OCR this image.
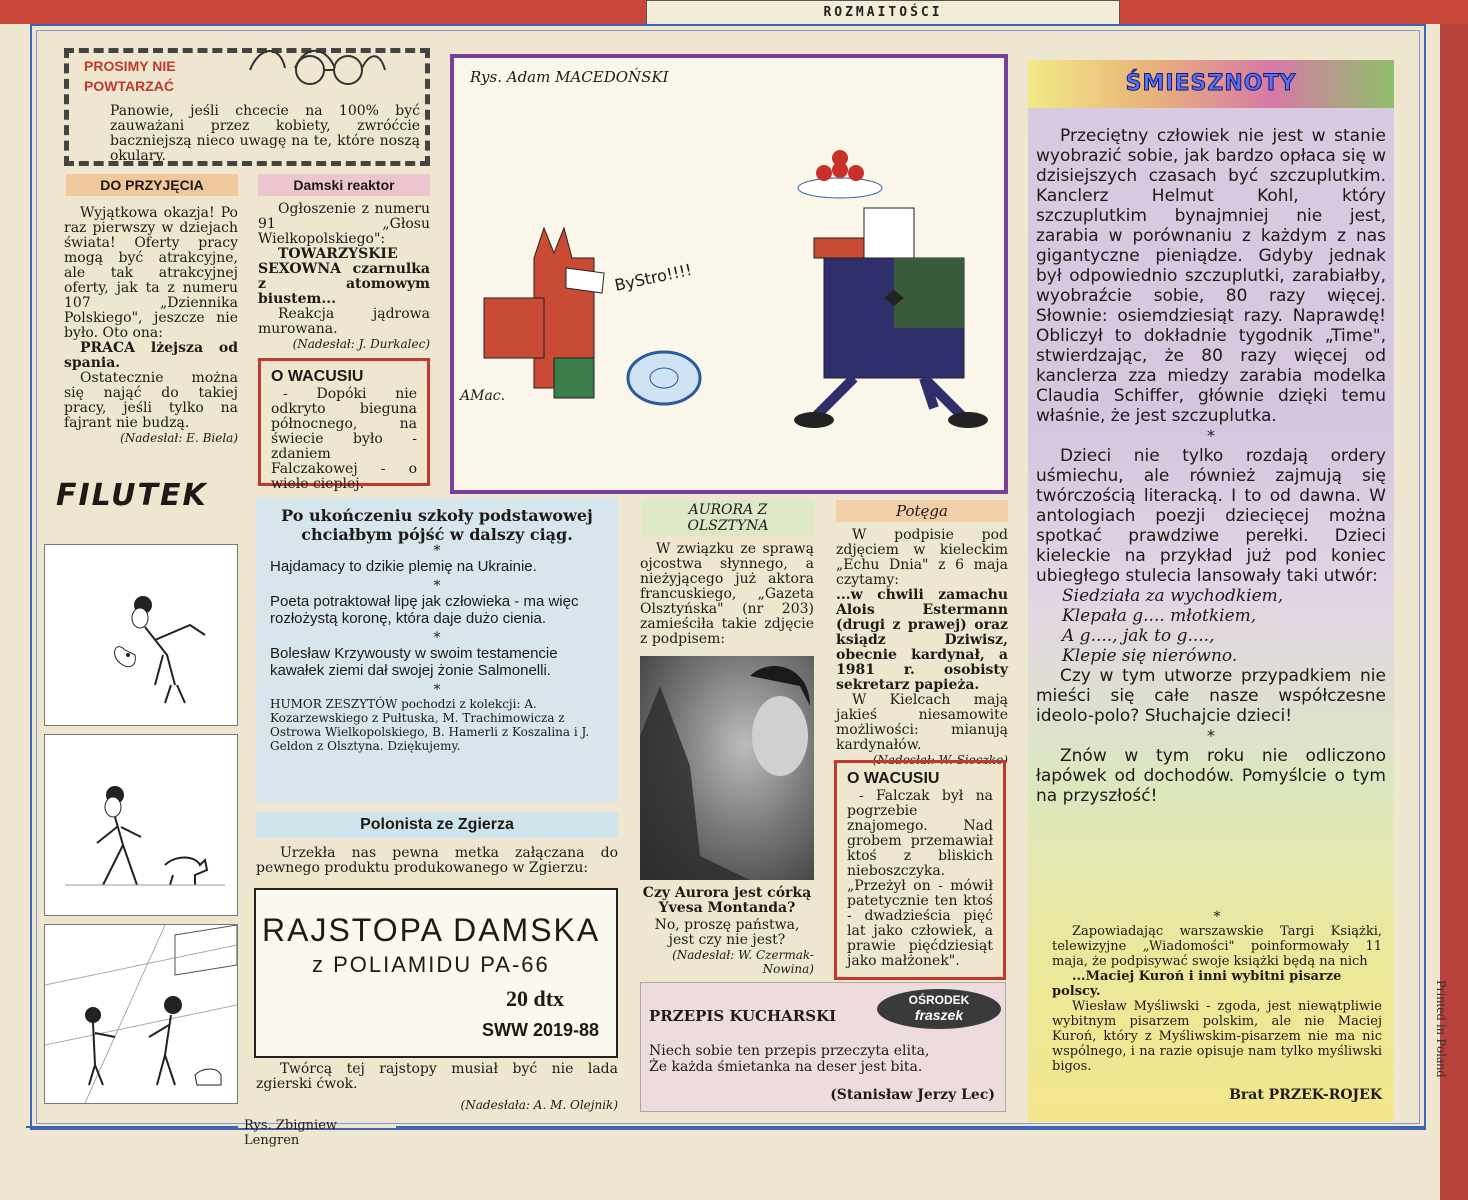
ROZMAITOŚCI
Printed in Poland
PROSIMY NIE POWTARZAĆ

Panowie, jeśli chcecie na 100% być zauważani przez kobiety, zwróćcie baczniejszą nieco uwagę na te, które noszą okulary.

DO PRZYJĘCIA

Wyjątkowa okazja! Po raz pierwszy w dziejach świata! Oferty pracy mogą być atrakcyjne, ale tak atrakcyjnej oferty, jak ta z numeru 107 „Dziennika Polskiego", jeszcze nie było. Oto ona:

PRACA lżejsza od spania.

Ostatecznie można się nająć do takiej pracy, jeśli tylko na fajrant nie budzą.

(Nadesłał: E. Biela)

Damski reaktor

Ogłoszenie z numeru 91 „Głosu Wielkopolskiego":

TOWARZYSKIE SEXOWNA czarnulka z atomowym biustem...

Reakcja jądrowa murowana.

(Nadesłał: J. Durkalec)

O WACUSIU

- Dopóki nie odkryto bieguna północnego, na świecie było - zdaniem Falczakowej - o wiele cieplej.

FILUTEK
Rys. Zbigniew Lengren
Rys. Adam MACEDOŃSKI
ByStro!!!!
AMac.
Po ukończeniu szkoły podstawowej chciałbym pójść w dalszy ciąg.
*

Hajdamacy to dzikie plemię na Ukrainie.

*

Poeta potraktował lipę jak człowieka - ma więc rozłożystą koronę, która daje dużo cienia.

*

Bolesław Krzywousty w swoim testamencie kawałek ziemi dał swojej żonie Salmonelli.

*

HUMOR ZESZYTÓW pochodzi z kolekcji: A. Kozarzewskiego z Pułtuska, M. Trachimowicza z Ostrowa Wielkopolskiego, B. Hamerli z Koszalina i J. Geldon z Olsztyna. Dziękujemy.

Polonista ze Zgierza

Urzekła nas pewna metka załączana do pewnego produktu produkowanego w Zgierzu:

RAJSTOPA DAMSKA
z POLIAMIDU PA-66
20 dtx
SWW 2019-88

Twórcą tej rajstopy musiał być nie lada zgierski ćwok.

(Nadesłała: A. M. Olejnik)

AURORA Z OLSZTYNA

W związku ze sprawą ojcostwa słynnego, a nieżyjącego już aktora francuskiego, „Gazeta Olsztyńska" (nr 203) zamieściła takie zdjęcie z podpisem:

Czy Aurora jest córką Yvesa Montanda?

No, proszę państwa, jest czy nie jest?

(Nadesłał: W. Czermak-Nowina)

Potęga

W podpisie pod zdjęciem w kieleckim „Echu Dnia" z 6 maja czytamy:

...w chwili zamachu Alois Estermann (drugi z prawej) oraz ksiądz Dziwisz, obecnie kardynał, a 1981 r. osobisty sekretarz papieża.

W Kielcach mają jakieś niesamowite możliwości: mianują kardynałów.

(Nadesłał: W. Sieczko)

O WACUSIU

- Falczak był na pogrzebie znajomego. Nad grobem przemawiał ktoś z bliskich nieboszczyka. „Przeżył on - mówił patetycznie ten ktoś - dwadzieścia pięć lat jako człowiek, a prawie pięćdziesiąt jako małżonek".

PRZEPIS KUCHARSKI
OŚRODEK
fraszek

Niech sobie ten przepis przeczyta elita,

Że każda śmietanka na deser jest bita.

(Stanisław Jerzy Lec)
ŚMIESZNOTY

Przeciętny człowiek nie jest w stanie wyobrazić sobie, jak bardzo opłaca się w dzisiejszych czasach być szczuplutkim. Kanclerz Helmut Kohl, który szczuplutkim bynajmniej nie jest, zarabia w porównaniu z każdym z nas gigantyczne pieniądze. Gdyby jednak był odpowiednio szczuplutki, zarabiałby, wyobraźcie sobie, 80 razy więcej. Słownie: osiemdziesiąt razy. Naprawdę! Obliczył to dokładnie tygodnik „Time", stwierdzając, że 80 razy więcej od kanclerza zza miedzy zarabia modelka Claudia Schiffer, głównie dzięki temu właśnie, że jest szczuplutka.

*

Dzieci nie tylko rozdają ordery uśmiechu, ale również zajmują się twórczością literacką. I to od dawna. W antologiach poezji dziecięcej można spotkać prawdziwe perełki. Dzieci kieleckie na przykład już pod koniec ubiegłego stulecia lansowały taki utwór:

Siedziała za wychodkiem,

Klepała g.... młotkiem,

A g...., jak to g....,

Klepie się nierówno.

Czy w tym utworze przypadkiem nie mieści się całe nasze współczesne ideolo-polo? Słuchajcie dzieci!

*

Znów w tym roku nie odliczono łapówek od dochodów. Pomyślcie o tym na przyszłość!

*

Zapowiadając warszawskie Targi Książki, telewizyjne „Wiadomości" poinformowały 11 maja, że podpisywać swoje książki będą na nich

...Maciej Kuroń i inni wybitni pisarze polscy.

Wiesław Myśliwski - zgoda, jest niewątpliwie wybitnym pisarzem polskim, ale nie Maciej Kuroń, który z Myśliwskim-pisarzem nie ma nic wspólnego, i na razie opisuje nam tylko myśliwski bigos.

Brat PRZEK-ROJEK
